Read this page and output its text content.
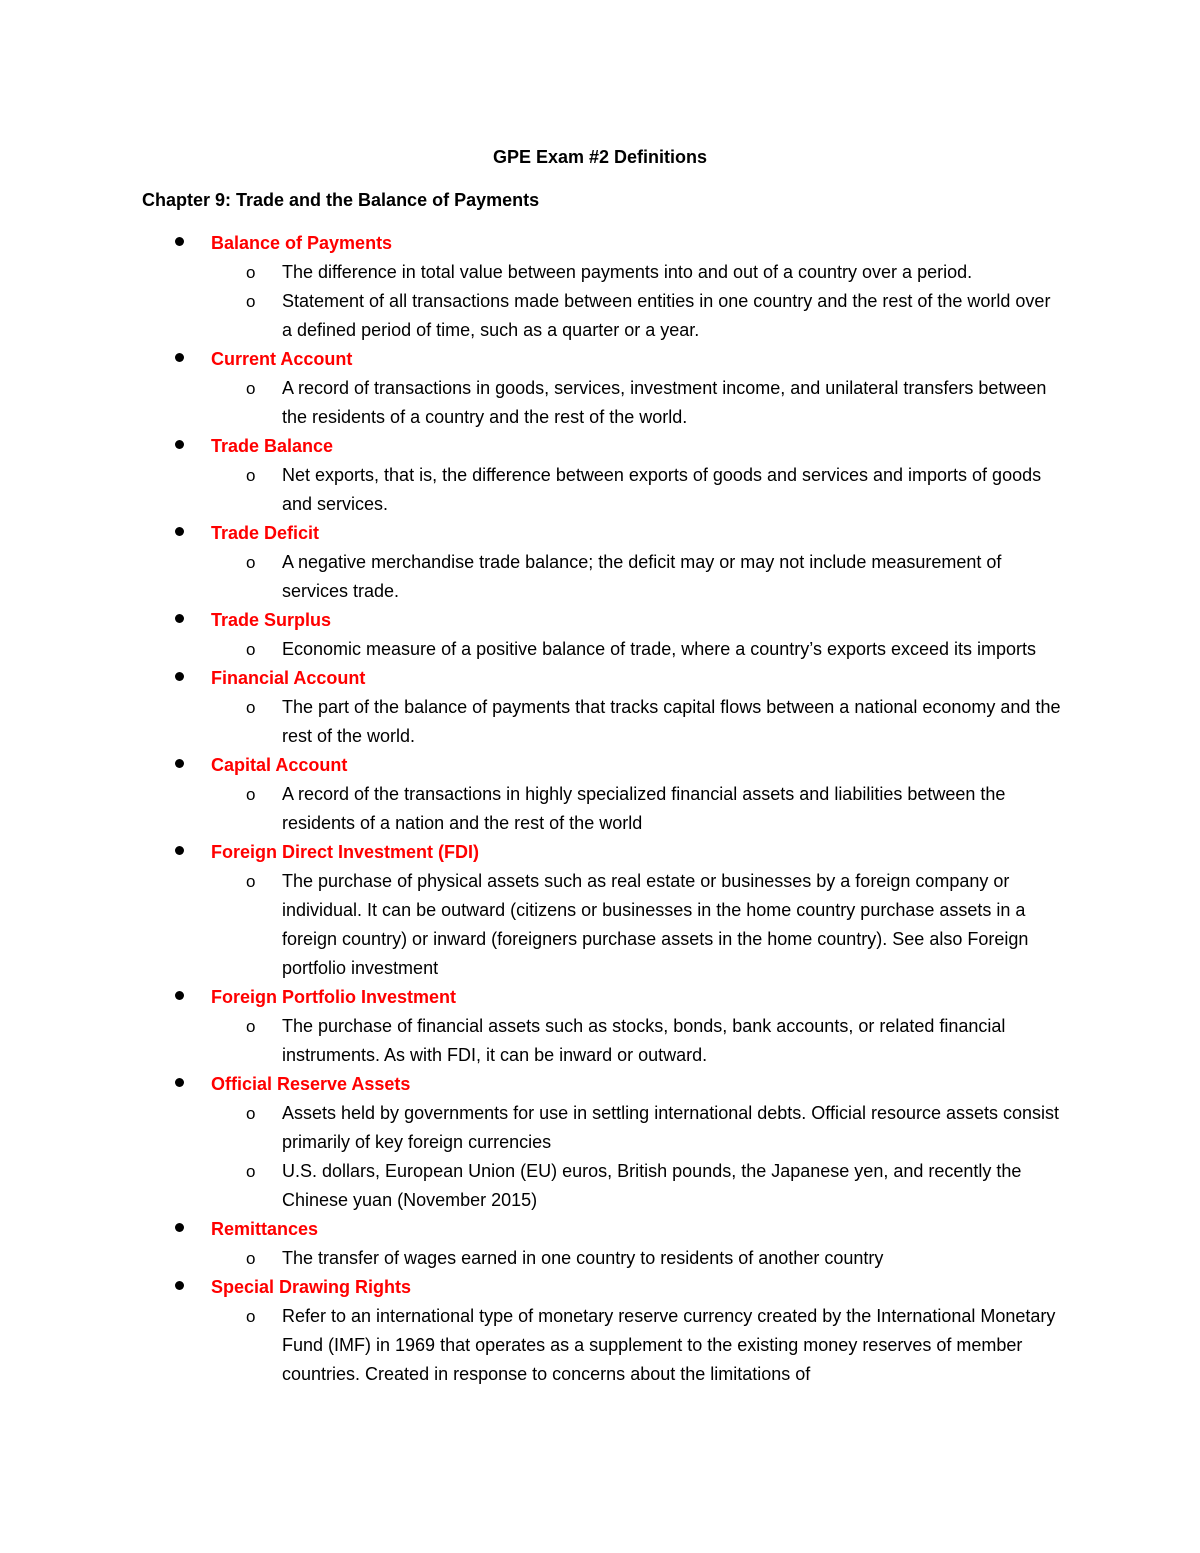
GPE Exam #2 Definitions
Chapter 9: Trade and the Balance of Payments
Balance of Payments
o The difference in total value between payments into and out of a country over a period.
o Statement of all transactions made between entities in one country and the rest of the world over a defined period of time, such as a quarter or a year.
Current Account
o A record of transactions in goods, services, investment income, and unilateral transfers between the residents of a country and the rest of the world.
Trade Balance
o Net exports, that is, the difference between exports of goods and services and imports of goods and services.
Trade Deficit
o A negative merchandise trade balance; the deficit may or may not include measurement of services trade.
Trade Surplus
o Economic measure of a positive balance of trade, where a country’s exports exceed its imports
Financial Account
o The part of the balance of payments that tracks capital flows between a national economy and the rest of the world.
Capital Account
o A record of the transactions in highly specialized financial assets and liabilities between the residents of a nation and the rest of the world
Foreign Direct Investment (FDI)
o The purchase of physical assets such as real estate or businesses by a foreign company or individual. It can be outward (citizens or businesses in the home country purchase assets in a foreign country) or inward (foreigners purchase assets in the home country). See also Foreign portfolio investment
Foreign Portfolio Investment
o The purchase of financial assets such as stocks, bonds, bank accounts, or related financial instruments. As with FDI, it can be inward or outward.
Official Reserve Assets
o Assets held by governments for use in settling international debts. Official resource assets consist primarily of key foreign currencies
o U.S. dollars, European Union (EU) euros, British pounds, the Japanese yen, and recently the Chinese yuan (November 2015)
Remittances
o The transfer of wages earned in one country to residents of another country
Special Drawing Rights
o Refer to an international type of monetary reserve currency created by the International Monetary Fund (IMF) in 1969 that operates as a supplement to the existing money reserves of member countries. Created in response to concerns about the limitations of
